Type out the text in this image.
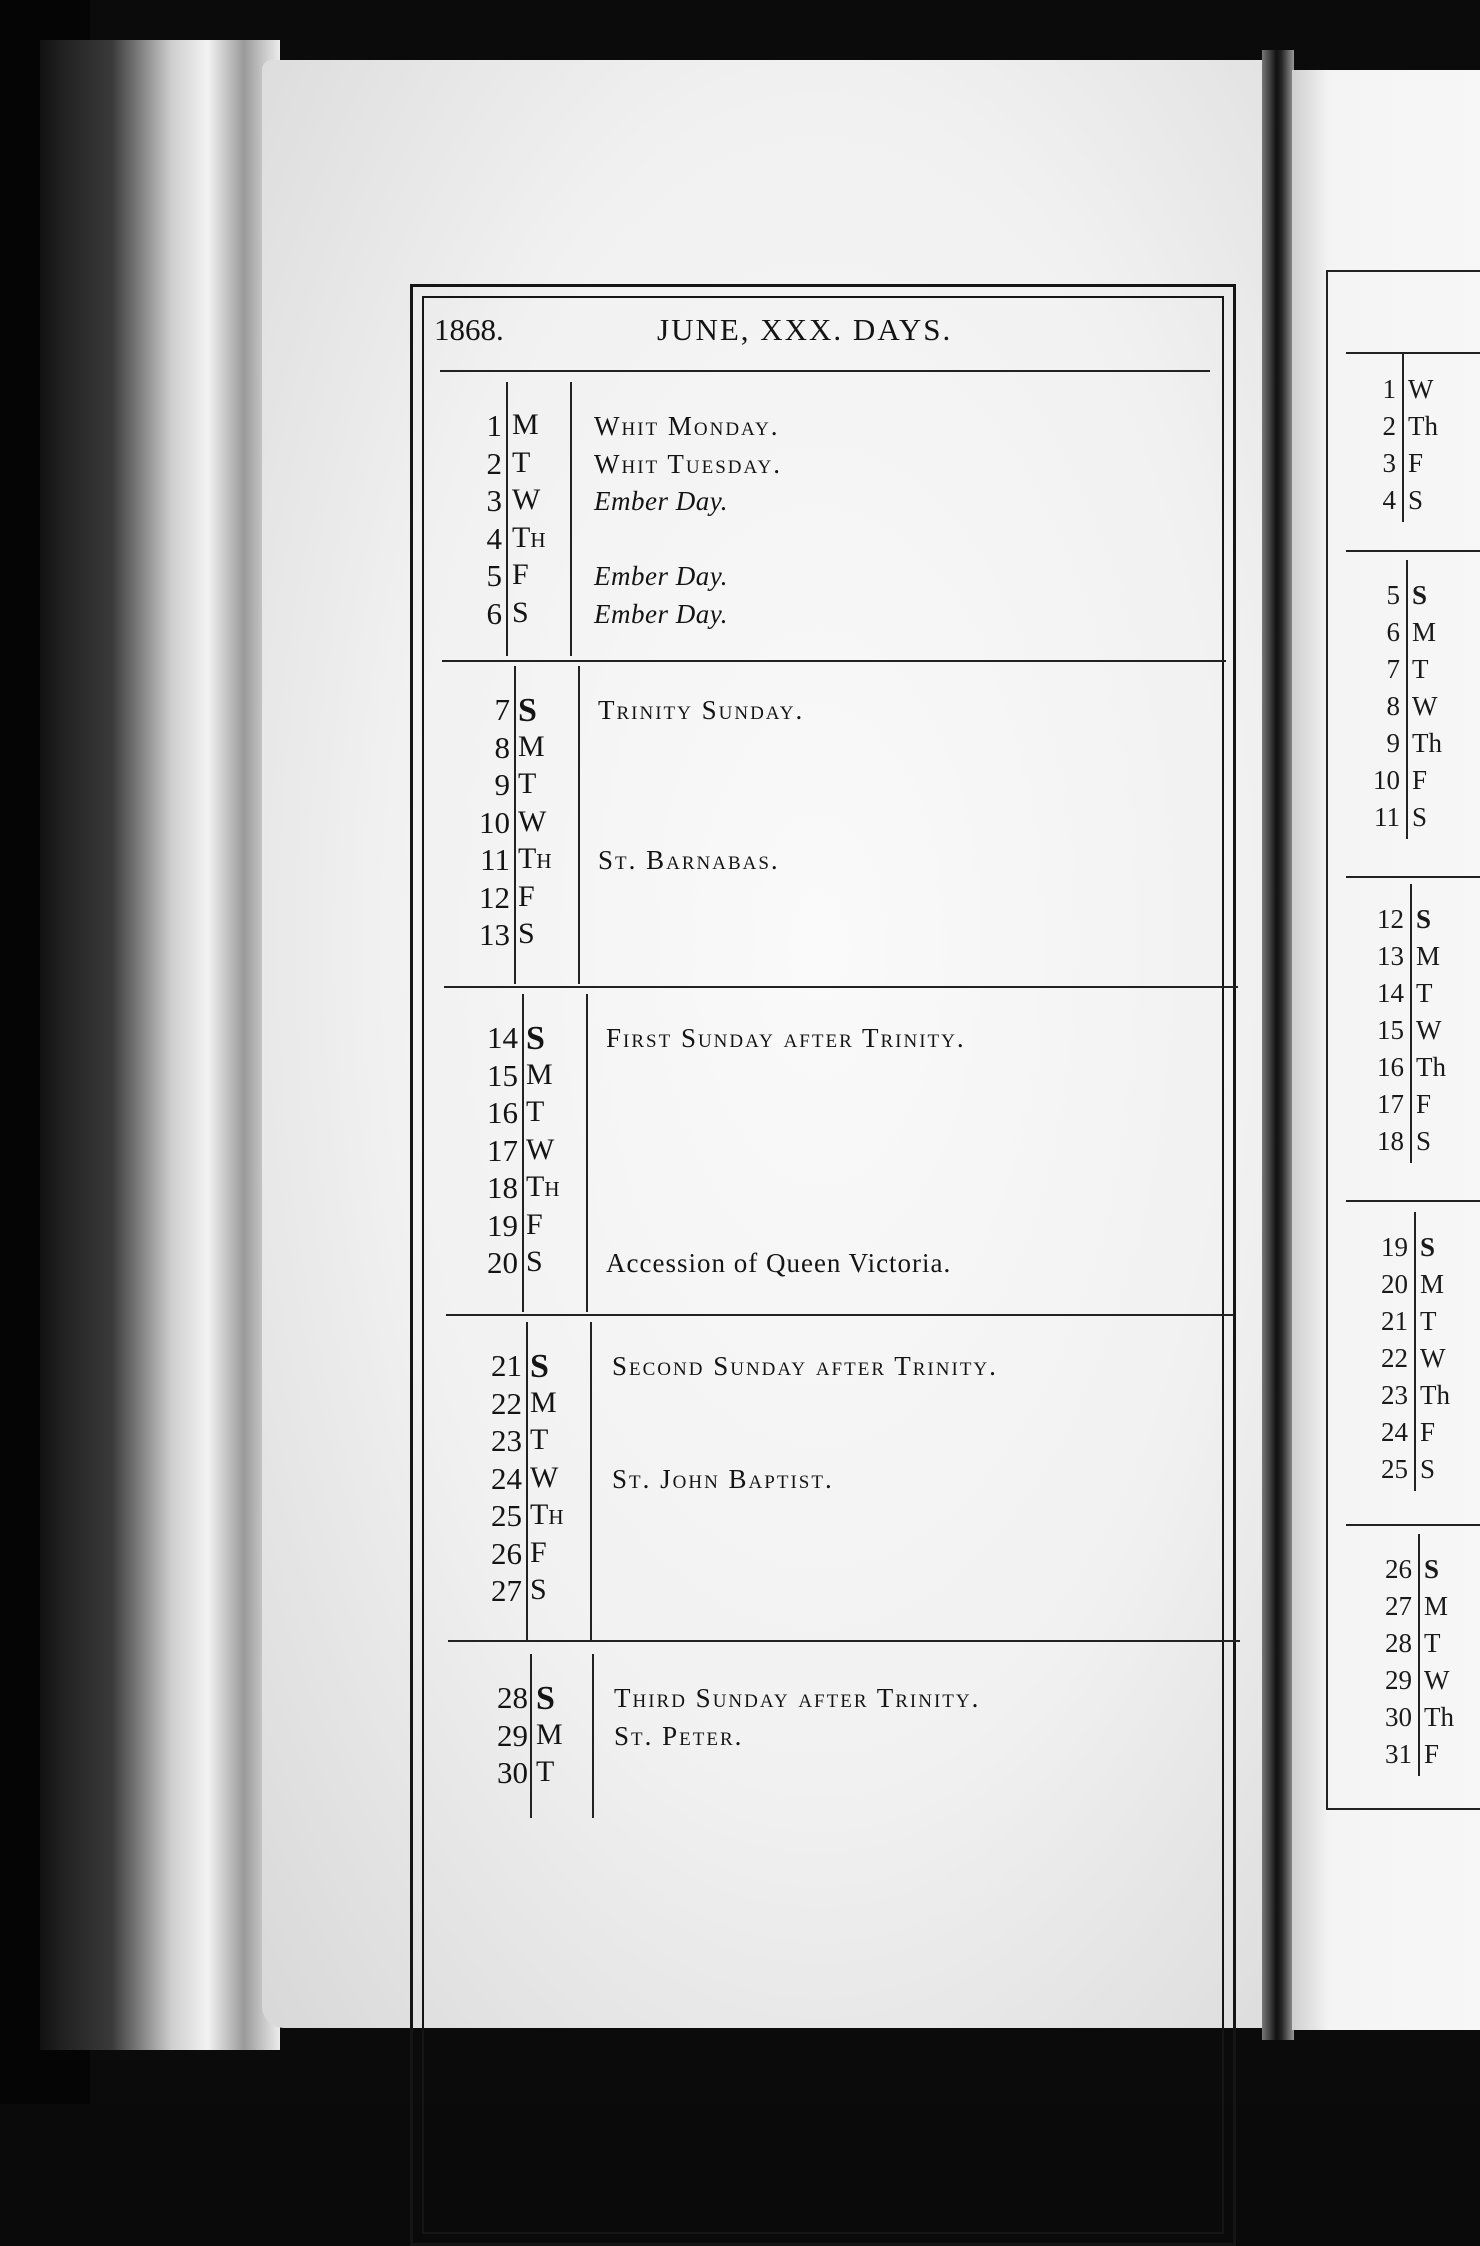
1868.	JUNE, XXX. DAYS.
1 M Whit Monday.
2 T Whit Tuesday.
3 W Ember Day.
4 Th
5 F Ember Day.
6 S Ember Day.
7 S Trinity Sunday.
8 M
9 T
10 W
11 Th St. Barnabas.
12 F
13 S
14 S First Sunday after Trinity.
15 M
16 T
17 W
18 Th
19 F
20 S Accession of Queen Victoria.
21 S Second Sunday after Trinity.
22 M
23 T
24 W St. John Baptist.
25 Th
26 F
27 S
28 S Third Sunday after Trinity.
29 M St. Peter.
30 T
1 W
2 Th
3 F
4 S
5 S
6 M
7 T
8 W
9 Th
10 F
11 S
12 S
13 M
14 T
15 W
16 Th
17 F
18 S
19 S
20 M
21 T
22 W
23 Th
24 F
25 S
26 S
27 M
28 T
29 W
30 Th
31 F
